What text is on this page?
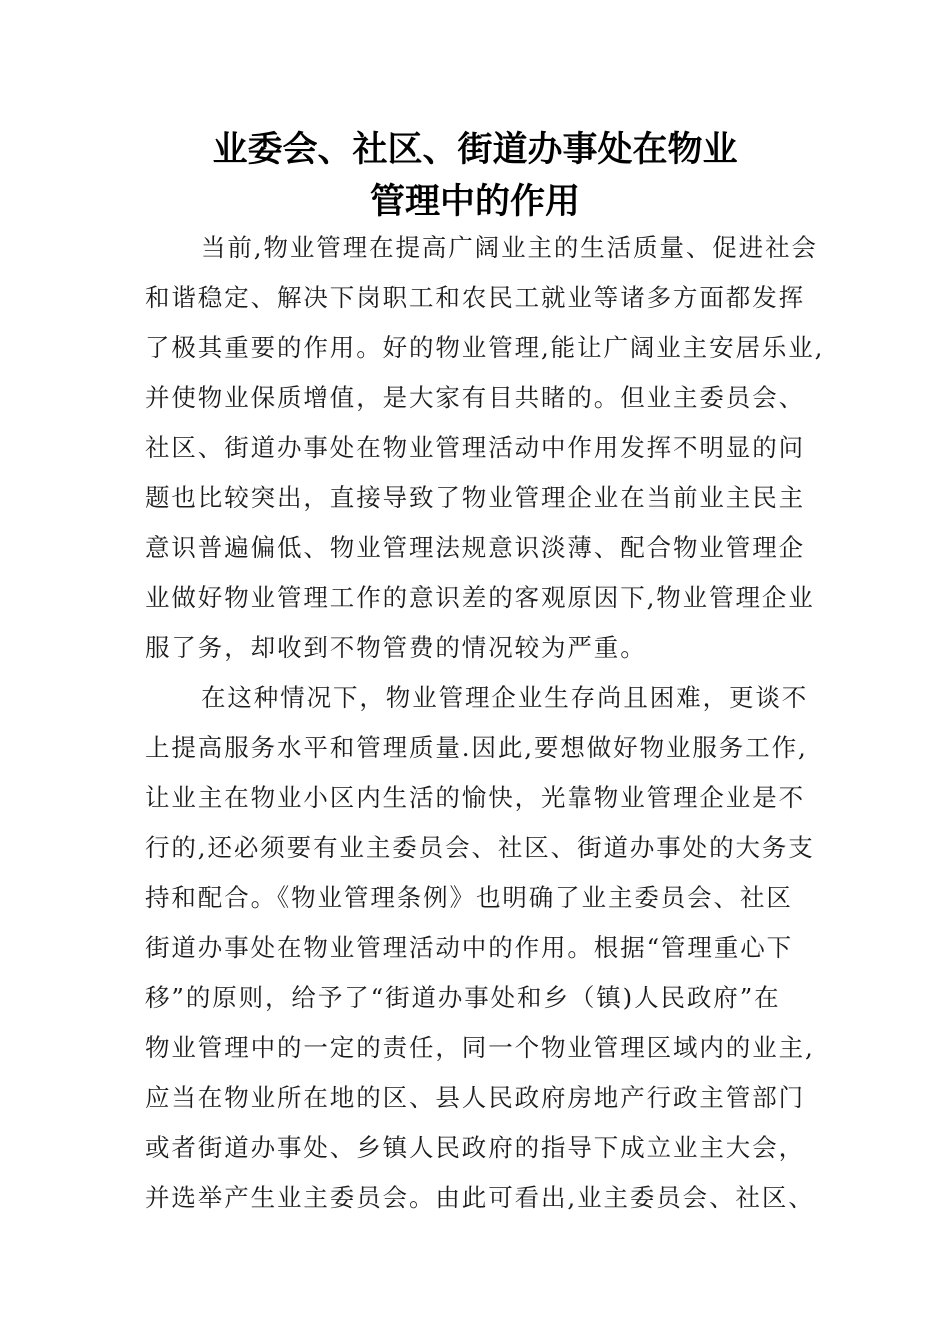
业委会、社区、街道办事处在物业
管理中的作用
当前,物业管理在提高广阔业主的生活质量、促进社会
和谐稳定、解决下岗职工和农民工就业等诸多方面都发挥
了极其重要的作用。好的物业管理,能让广阔业主安居乐业,
并使物业保质增值，是大家有目共睹的。但业主委员会、
社区、街道办事处在物业管理活动中作用发挥不明显的问
题也比较突出，直接导致了物业管理企业在当前业主民主
意识普遍偏低、物业管理法规意识淡薄、配合物业管理企
业做好物业管理工作的意识差的客观原因下,物业管理企业
服了务，却收到不物管费的情况较为严重。
在这种情况下，物业管理企业生存尚且困难，更谈不
上提高服务水平和管理质量.因此,要想做好物业服务工作,
让业主在物业小区内生活的愉快，光靠物业管理企业是不
行的,还必须要有业主委员会、社区、街道办事处的大务支
持和配合。《物业管理条例》也明确了业主委员会、社区
街道办事处在物业管理活动中的作用。根据“管理重心下
移”的原则，给予了“街道办事处和乡（镇)人民政府”在
物业管理中的一定的责任，同一个物业管理区域内的业主,
应当在物业所在地的区、县人民政府房地产行政主管部门
或者街道办事处、乡镇人民政府的指导下成立业主大会，
并选举产生业主委员会。由此可看出,业主委员会、社区、
